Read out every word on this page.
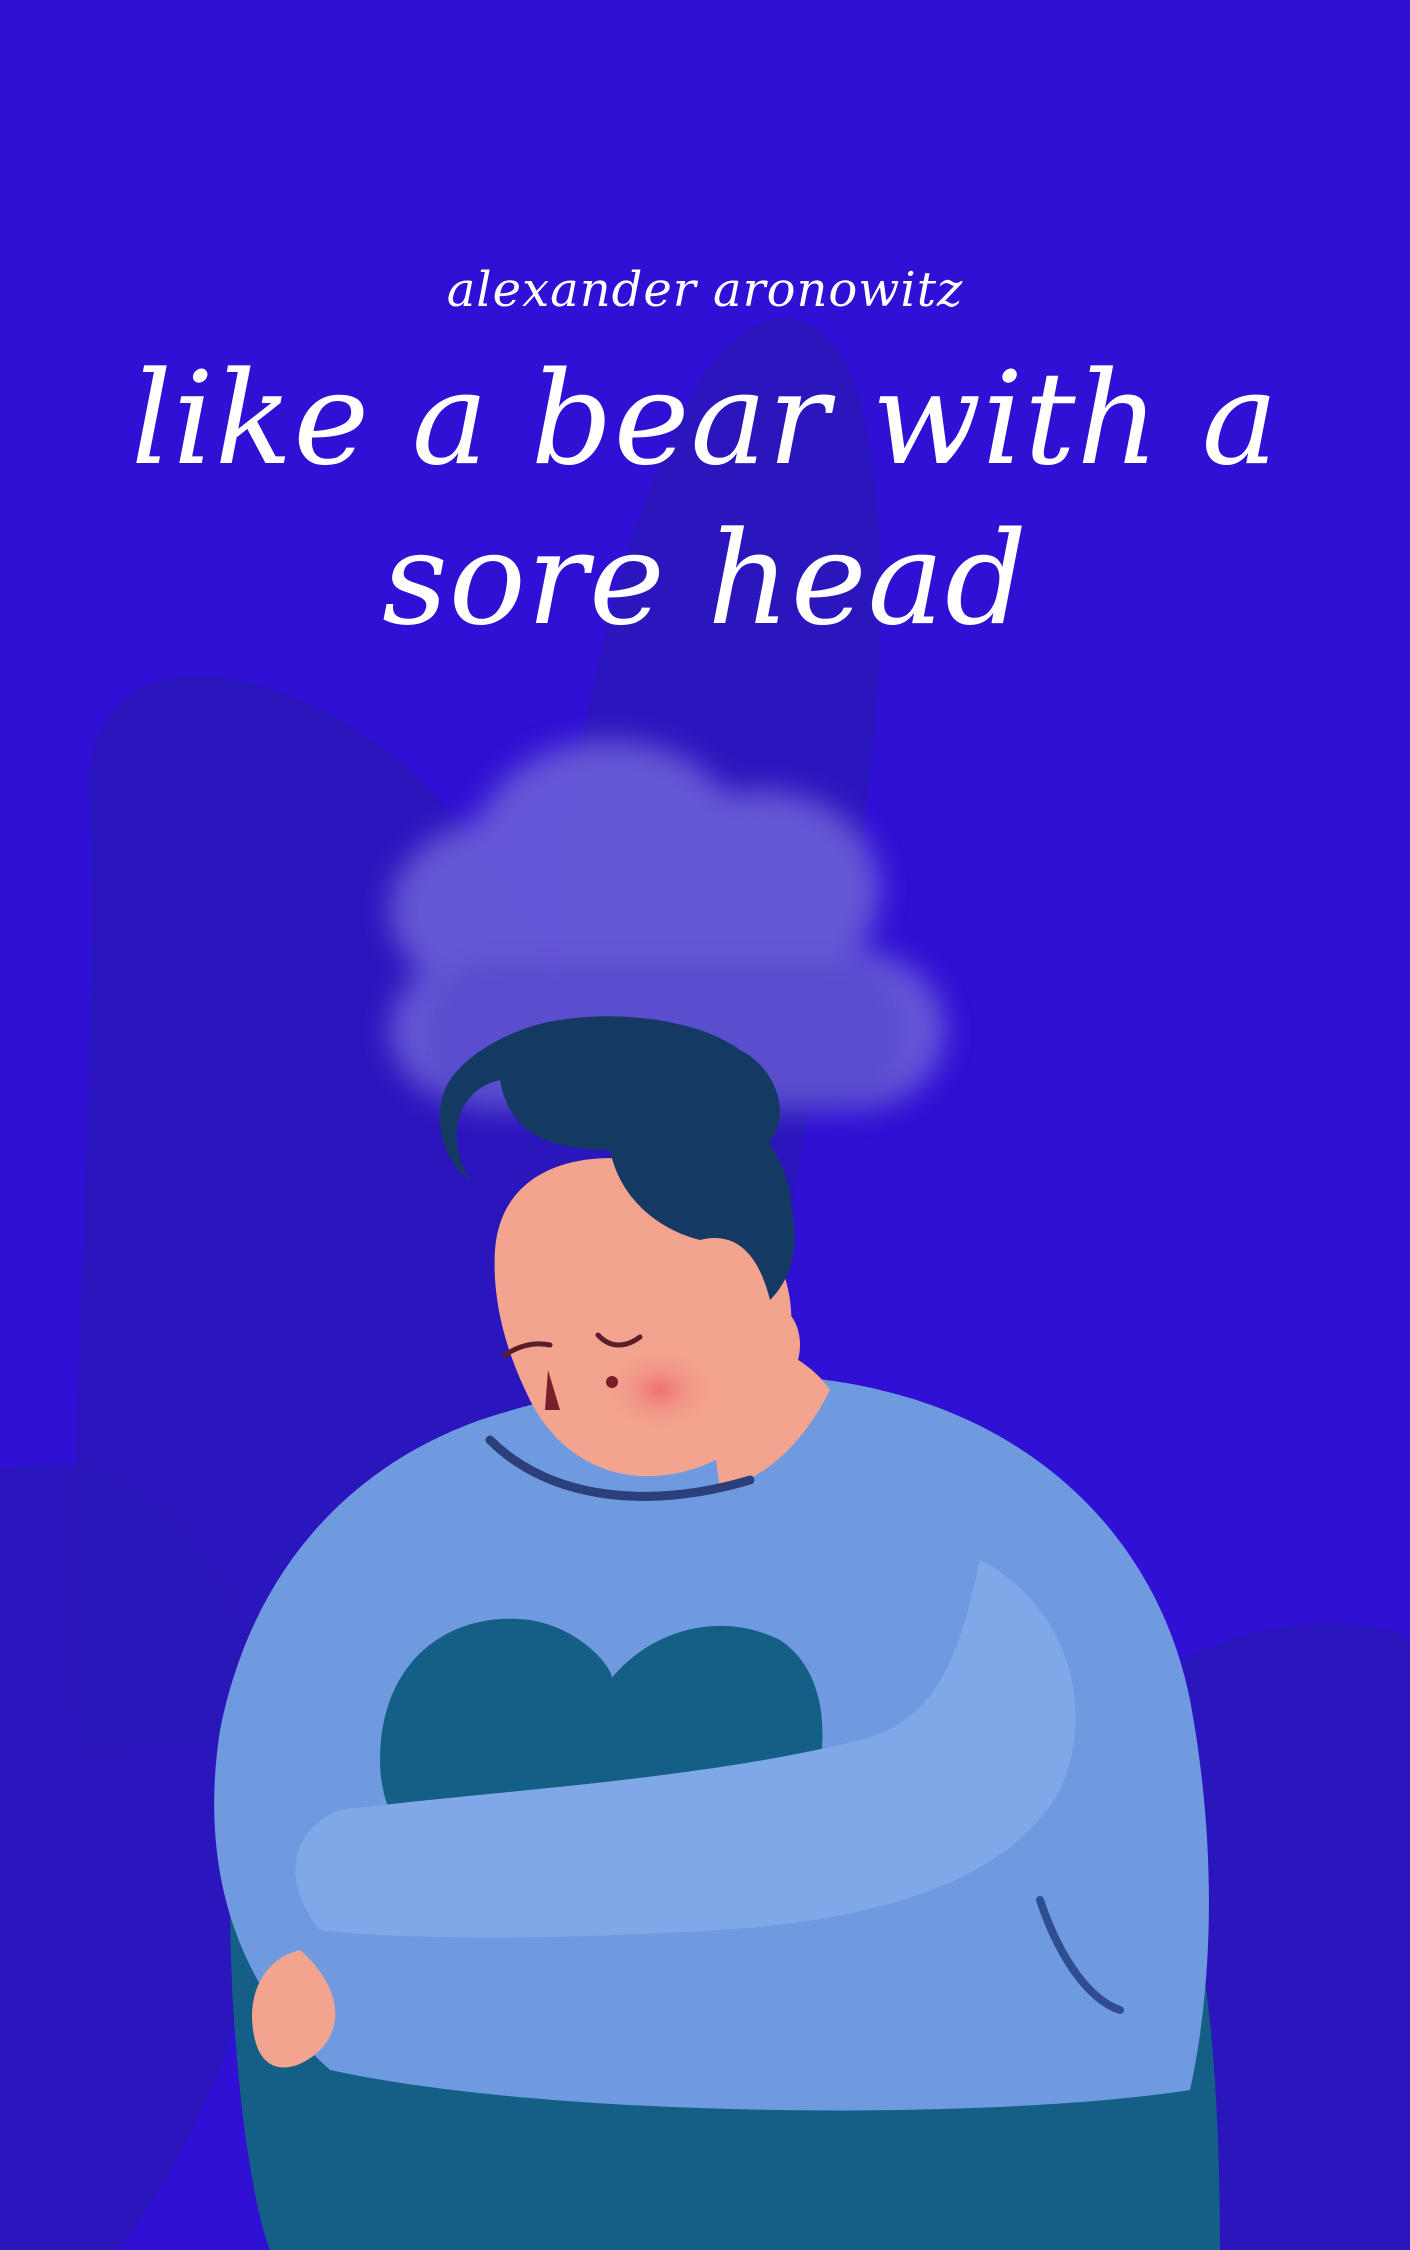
alexander aronowitz
like a bear with a
sore head
